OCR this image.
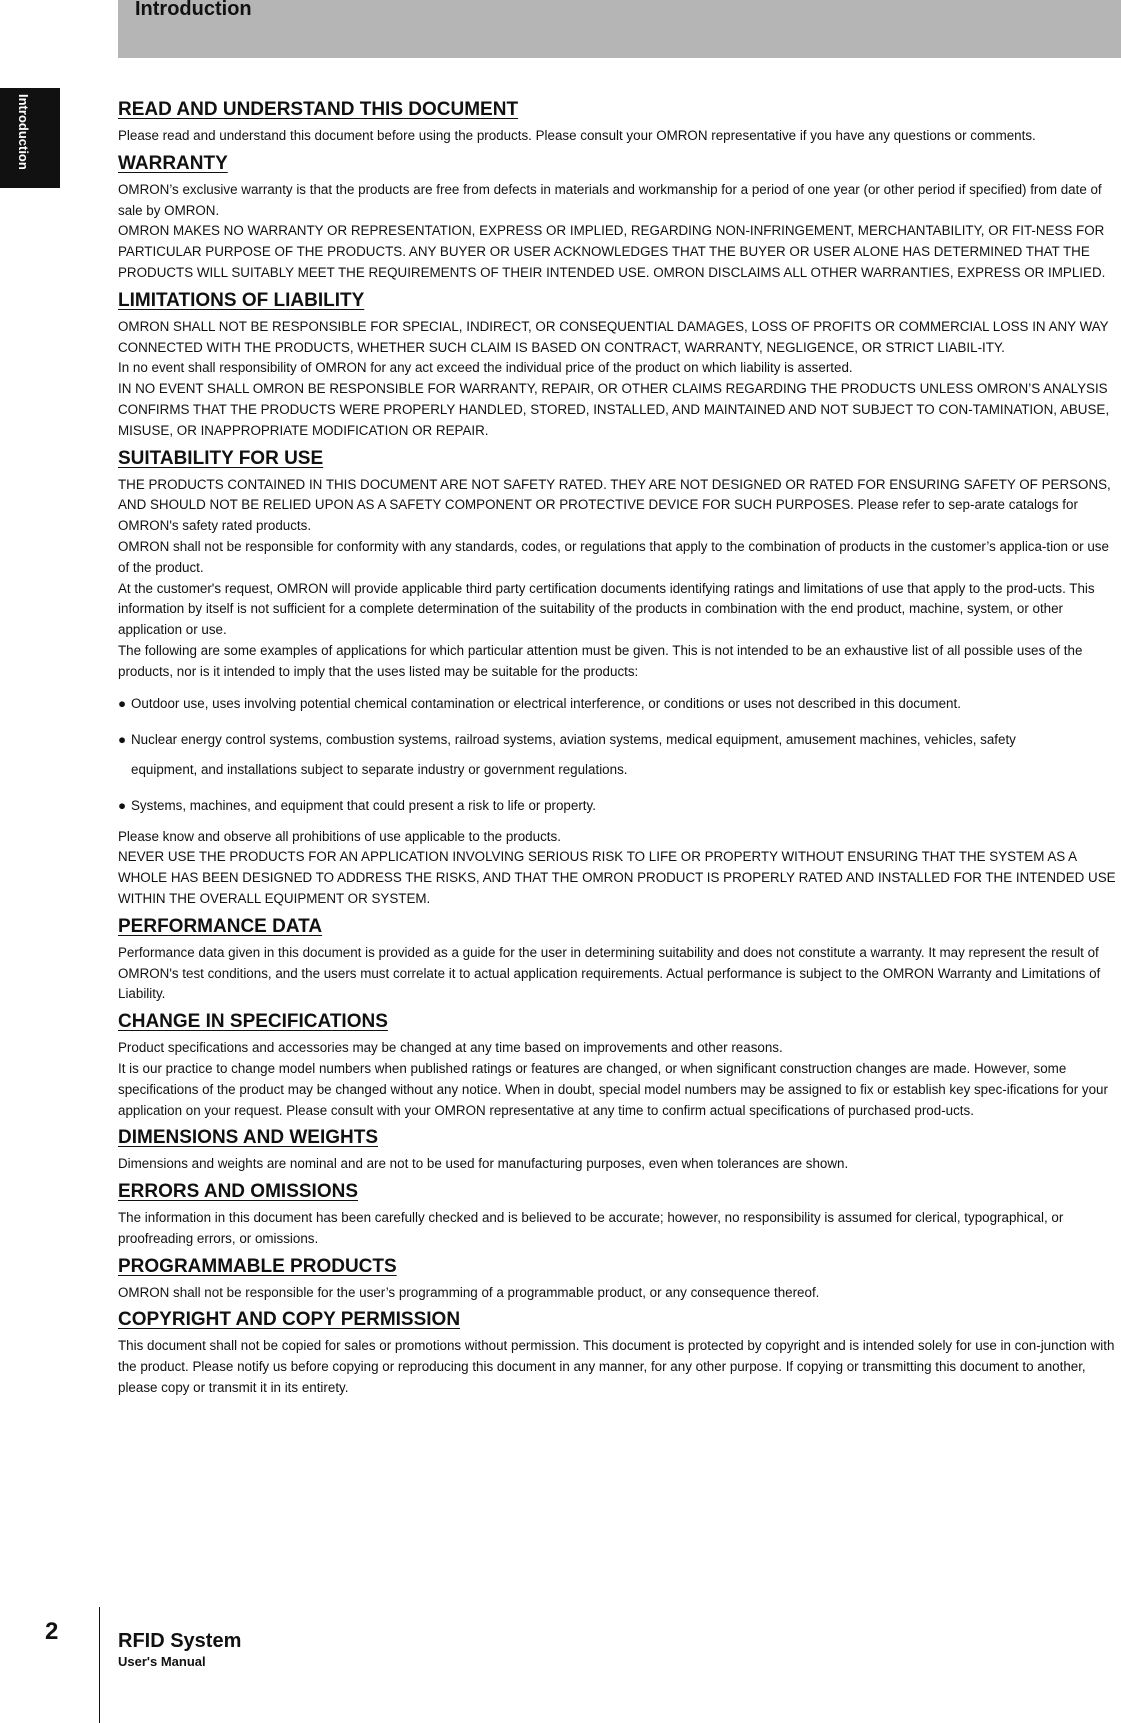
Introduction
Introduction	READ AND UNDERSTAND THIS DOCUMENT

Please read and understand this document before using the products. Please consult your OMRON representative if you have any questions or comments.

WARRANTY

OMRON’s exclusive warranty is that the products are free from defects in materials and workmanship for a period of one year (or other period if specified) from date of sale by OMRON.

OMRON MAKES NO WARRANTY OR REPRESENTATION, EXPRESS OR IMPLIED, REGARDING NON-INFRINGEMENT, MERCHANTABILITY, OR FIT-NESS FOR PARTICULAR PURPOSE OF THE PRODUCTS. ANY BUYER OR USER ACKNOWLEDGES THAT THE BUYER OR USER ALONE HAS DETERMINED THAT THE PRODUCTS WILL SUITABLY MEET THE REQUIREMENTS OF THEIR INTENDED USE. OMRON DISCLAIMS ALL OTHER WARRANTIES, EXPRESS OR IMPLIED.

LIMITATIONS OF LIABILITY

OMRON SHALL NOT BE RESPONSIBLE FOR SPECIAL, INDIRECT, OR CONSEQUENTIAL DAMAGES, LOSS OF PROFITS OR COMMERCIAL LOSS IN ANY WAY CONNECTED WITH THE PRODUCTS, WHETHER SUCH CLAIM IS BASED ON CONTRACT, WARRANTY, NEGLIGENCE, OR STRICT LIABIL-ITY.

In no event shall responsibility of OMRON for any act exceed the individual price of the product on which liability is asserted.

IN NO EVENT SHALL OMRON BE RESPONSIBLE FOR WARRANTY, REPAIR, OR OTHER CLAIMS REGARDING THE PRODUCTS UNLESS OMRON’S ANALYSIS CONFIRMS THAT THE PRODUCTS WERE PROPERLY HANDLED, STORED, INSTALLED, AND MAINTAINED AND NOT SUBJECT TO CON-TAMINATION, ABUSE, MISUSE, OR INAPPROPRIATE MODIFICATION OR REPAIR.

SUITABILITY FOR USE

THE PRODUCTS CONTAINED IN THIS DOCUMENT ARE NOT SAFETY RATED. THEY ARE NOT DESIGNED OR RATED FOR ENSURING SAFETY OF PERSONS, AND SHOULD NOT BE RELIED UPON AS A SAFETY COMPONENT OR PROTECTIVE DEVICE FOR SUCH PURPOSES. Please refer to sep-arate catalogs for OMRON's safety rated products.

OMRON shall not be responsible for conformity with any standards, codes, or regulations that apply to the combination of products in the customer’s applica-tion or use of the product.

At the customer's request, OMRON will provide applicable third party certification documents identifying ratings and limitations of use that apply to the prod-ucts. This information by itself is not sufficient for a complete determination of the suitability of the products in combination with the end product, machine, system, or other application or use.

The following are some examples of applications for which particular attention must be given. This is not intended to be an exhaustive list of all possible uses of the products, nor is it intended to imply that the uses listed may be suitable for the products:

● Outdoor use, uses involving potential chemical contamination or electrical interference, or conditions or uses not described in this document.
● Nuclear energy control systems, combustion systems, railroad systems, aviation systems, medical equipment, amusement machines, vehicles, safety
equipment, and installations subject to separate industry or government regulations.
● Systems, machines, and equipment that could present a risk to life or property.

Please know and observe all prohibitions of use applicable to the products.

NEVER USE THE PRODUCTS FOR AN APPLICATION INVOLVING SERIOUS RISK TO LIFE OR PROPERTY WITHOUT ENSURING THAT THE SYSTEM AS A WHOLE HAS BEEN DESIGNED TO ADDRESS THE RISKS, AND THAT THE OMRON PRODUCT IS PROPERLY RATED AND INSTALLED FOR THE INTENDED USE WITHIN THE OVERALL EQUIPMENT OR SYSTEM.

PERFORMANCE DATA

Performance data given in this document is provided as a guide for the user in determining suitability and does not constitute a warranty. It may represent the result of OMRON's test conditions, and the users must correlate it to actual application requirements. Actual performance is subject to the OMRON Warranty and Limitations of Liability.

CHANGE IN SPECIFICATIONS

Product specifications and accessories may be changed at any time based on improvements and other reasons.

It is our practice to change model numbers when published ratings or features are changed, or when significant construction changes are made. However, some specifications of the product may be changed without any notice. When in doubt, special model numbers may be assigned to fix or establish key spec-ifications for your application on your request. Please consult with your OMRON representative at any time to confirm actual specifications of purchased prod-ucts.

DIMENSIONS AND WEIGHTS

Dimensions and weights are nominal and are not to be used for manufacturing purposes, even when tolerances are shown.

ERRORS AND OMISSIONS

The information in this document has been carefully checked and is believed to be accurate; however, no responsibility is assumed for clerical, typographical, or proofreading errors, or omissions.

PROGRAMMABLE PRODUCTS

OMRON shall not be responsible for the user’s programming of a programmable product, or any consequence thereof.

COPYRIGHT AND COPY PERMISSION

This document shall not be copied for sales or promotions without permission. This document is protected by copyright and is intended solely for use in con-junction with the product. Please notify us before copying or reproducing this document in any manner, for any other purpose. If copying or transmitting this document to another, please copy or transmit it in its entirety.

2	RFID System
User's Manual
